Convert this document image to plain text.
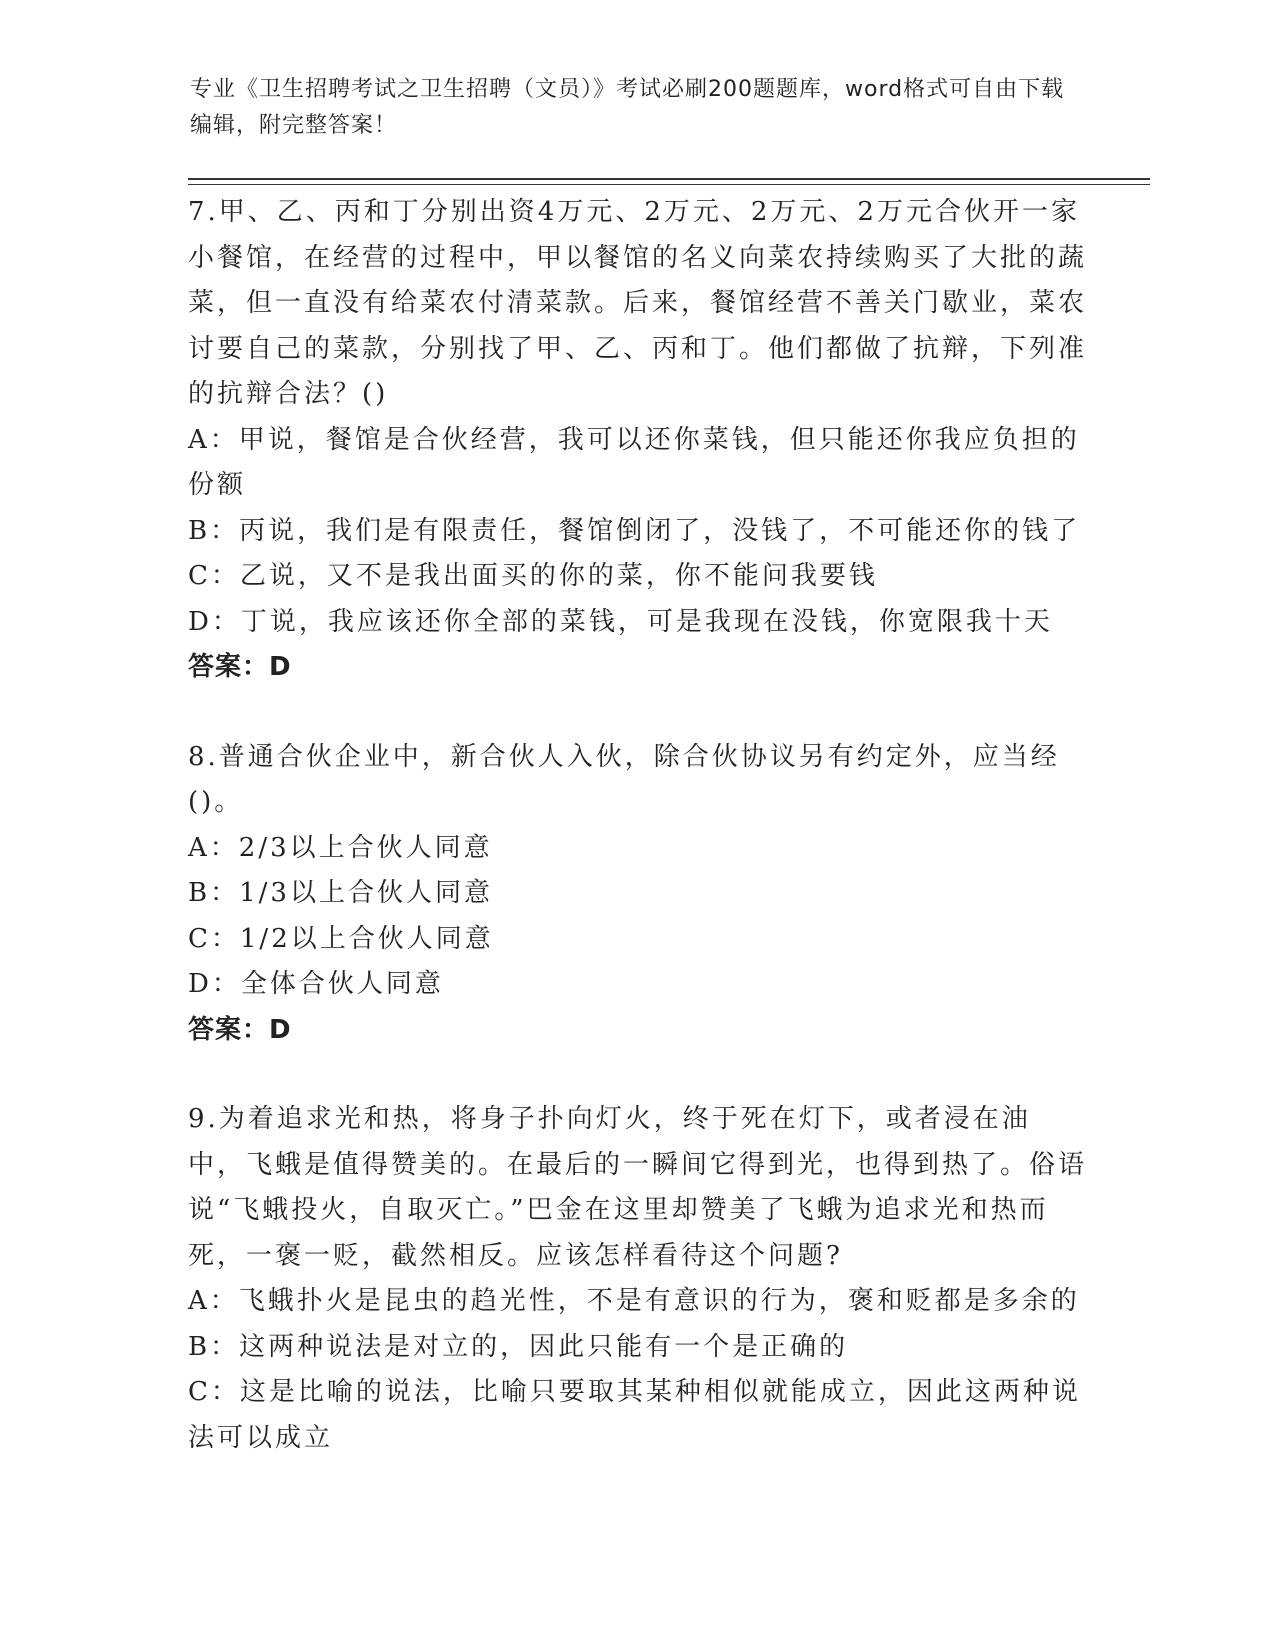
专业《卫生招聘考试之卫生招聘（文员）》考试必刷200题题库，word格式可自由下载编辑，附完整答案！
7.甲、乙、丙和丁分别出资4万元、2万元、2万元、2万元合伙开一家小餐馆，在经营的过程中，甲以餐馆的名义向菜农持续购买了大批的蔬菜，但一直没有给菜农付清菜款。后来，餐馆经营不善关门歇业，菜农讨要自己的菜款，分别找了甲、乙、丙和丁。他们都做了抗辩，下列准的抗辩合法？()
A：甲说，餐馆是合伙经营，我可以还你菜钱，但只能还你我应负担的份额
B：丙说，我们是有限责任，餐馆倒闭了，没钱了，不可能还你的钱了
C：乙说，又不是我出面买的你的菜，你不能问我要钱
D：丁说，我应该还你全部的菜钱，可是我现在没钱，你宽限我十天
答案：D
8.普通合伙企业中，新合伙人入伙，除合伙协议另有约定外，应当经()。
A：2/3以上合伙人同意
B：1/3以上合伙人同意
C：1/2以上合伙人同意
D：全体合伙人同意
答案：D
9.为着追求光和热，将身子扑向灯火，终于死在灯下，或者浸在油中，飞蛾是值得赞美的。在最后的一瞬间它得到光，也得到热了。俗语说“飞蛾投火，自取灭亡。”巴金在这里却赞美了飞蛾为追求光和热而死，一褒一贬，截然相反。应该怎样看待这个问题?
A：飞蛾扑火是昆虫的趋光性，不是有意识的行为，褒和贬都是多余的
B：这两种说法是对立的，因此只能有一个是正确的
C：这是比喻的说法，比喻只要取其某种相似就能成立，因此这两种说法可以成立
